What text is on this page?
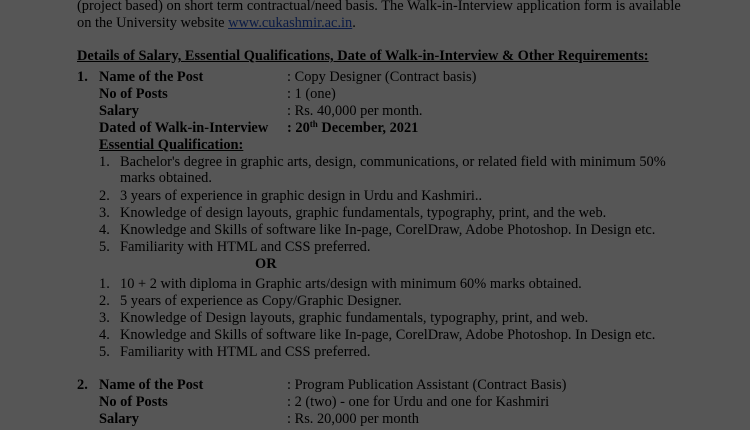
(project based) on short term contractual/need basis. The Walk-in-Interview application form is available
on the University website www.cukashmir.ac.in.
Details of Salary, Essential Qualifications, Date of Walk-in-Interview & Other Requirements:
1. Name of the Post	: Copy Designer (Contract basis)
No of Posts	: 1 (one)
Salary	: Rs. 40,000 per month.
Dated of Walk-in-Interview : 20th December, 2021
Essential Qualification:
1. Bachelor's degree in graphic arts, design, communications, or related field with minimum 50%
marks obtained.
2. 3 years of experience in graphic design in Urdu and Kashmiri..
3. Knowledge of design layouts, graphic fundamentals, typography, print, and the web.
4. Knowledge and Skills of software like In-page, CorelDraw, Adobe Photoshop. In Design etc.
5. Familiarity with HTML and CSS preferred.
OR
1. 10 + 2 with diploma in Graphic arts/design with minimum 60% marks obtained.
2. 5 years of experience as Copy/Graphic Designer.
3. Knowledge of Design layouts, graphic fundamentals, typography, print, and web.
4. Knowledge and Skills of software like In-page, CorelDraw, Adobe Photoshop. In Design etc.
5. Familiarity with HTML and CSS preferred.
2. Name of the Post	: Program Publication Assistant (Contract Basis)
No of Posts	: 2 (two) - one for Urdu and one for Kashmiri
Salary	: Rs. 20,000 per month
